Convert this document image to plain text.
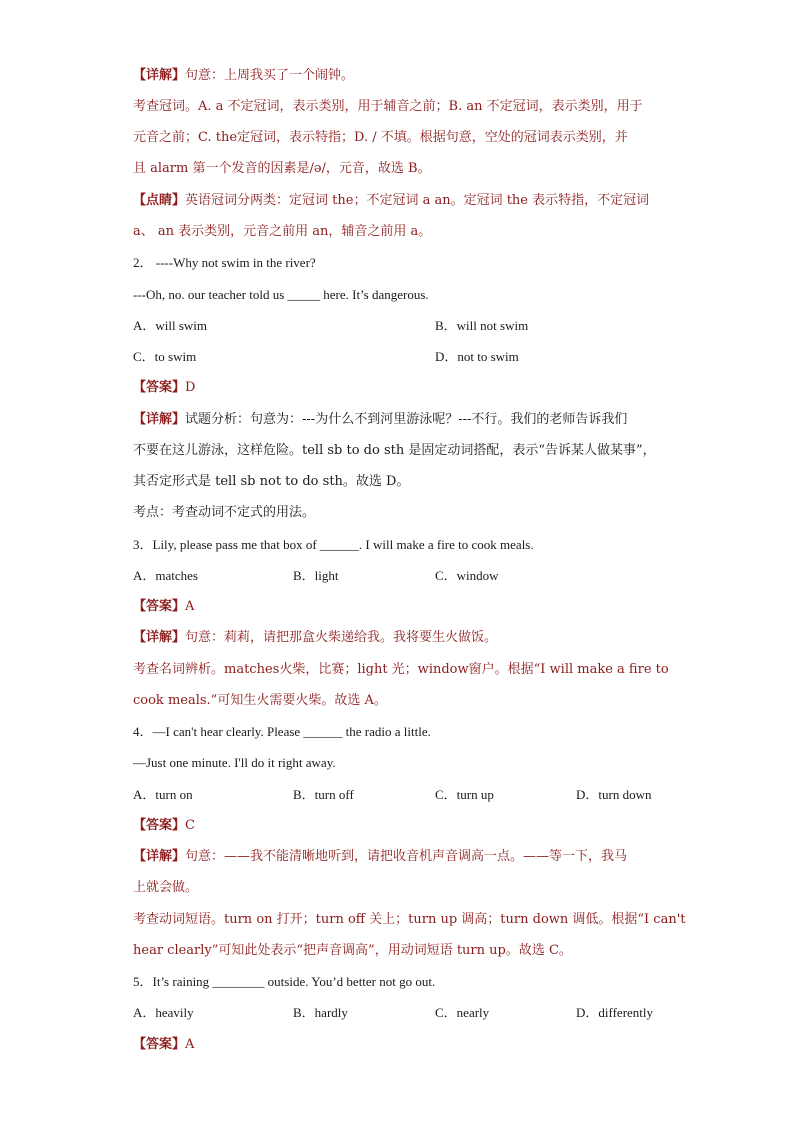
【详解】句意：上周我买了一个闹钟。
考查冠词。A. a 不定冠词，表示类别，用于辅音之前；B. an 不定冠词，表示类别，用于
元音之前；C. the定冠词，表示特指；D. / 不填。根据句意，空处的冠词表示类别，并
且 alarm 第一个发音的因素是/ə/，元音，故选 B。
【点睛】英语冠词分两类：定冠词 the；不定冠词 a an。定冠词 the 表示特指，不定冠词
a、 an 表示类别，元音之前用 an，辅音之前用 a。
2． ----Why not swim in the river?
---Oh, no. our teacher told us _____ here. It’s dangerous.
A．will swim	B．will not swim
C．to swim	D．not to swim
【答案】D
【详解】试题分析：句意为：---为什么不到河里游泳呢？---不行。我们的老师告诉我们
不要在这儿游泳，这样危险。tell sb to do sth 是固定动词搭配，表示“告诉某人做某事”，
其否定形式是 tell sb not to do sth。故选 D。
考点：考查动词不定式的用法。
3．Lily, please pass me that box of ______. I will make a fire to cook meals.
A．matches	B．light	C．window
【答案】A
【详解】句意：莉莉，请把那盒火柴递给我。我将要生火做饭。
考查名词辨析。matches火柴，比赛；light 光；window窗户。根据“I will make a fire to
cook meals.”可知生火需要火柴。故选 A。
4．—I can't hear clearly. Please ______ the radio a little.
—Just one minute. I'll do it right away.
A．turn on	B．turn off	C．turn up	D．turn down
【答案】C
【详解】句意：——我不能清晰地听到，请把收音机声音调高一点。——等一下，我马
上就会做。
考查动词短语。turn on 打开；turn off 关上；turn up 调高；turn down 调低。根据“I can't
hear clearly”可知此处表示“把声音调高”，用动词短语 turn up。故选 C。
5．It’s raining ________ outside. You’d better not go out.
A．heavily	B．hardly	C．nearly	D．differently
【答案】A
